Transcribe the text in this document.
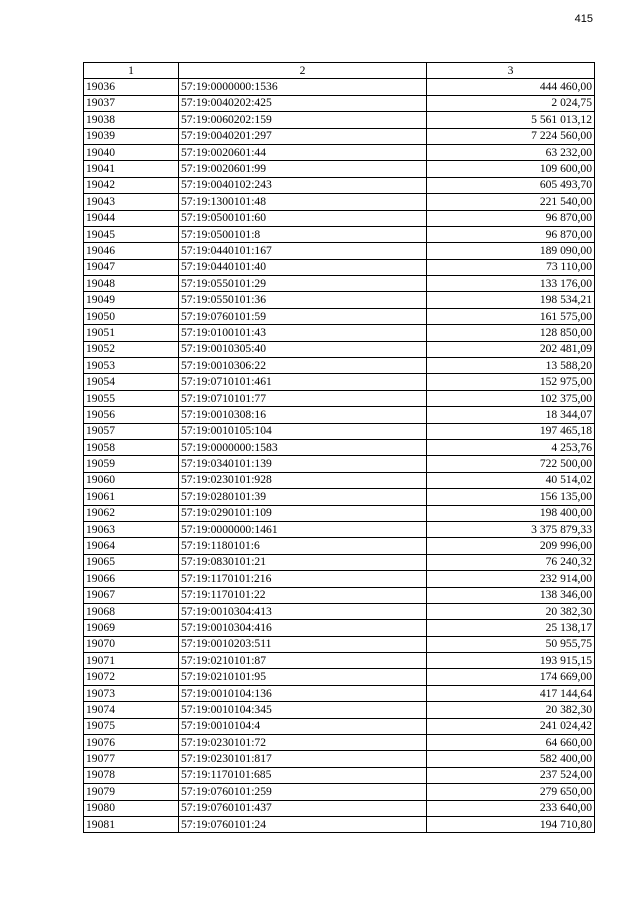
415
1	2	3
19036	57:19:0000000:1536	444 460,00
19037	57:19:0040202:425	2 024,75
19038	57:19:0060202:159	5 561 013,12
19039	57:19:0040201:297	7 224 560,00
19040	57:19:0020601:44	63 232,00
19041	57:19:0020601:99	109 600,00
19042	57:19:0040102:243	605 493,70
19043	57:19:1300101:48	221 540,00
19044	57:19:0500101:60	96 870,00
19045	57:19:0500101:8	96 870,00
19046	57:19:0440101:167	189 090,00
19047	57:19:0440101:40	73 110,00
19048	57:19:0550101:29	133 176,00
19049	57:19:0550101:36	198 534,21
19050	57:19:0760101:59	161 575,00
19051	57:19:0100101:43	128 850,00
19052	57:19:0010305:40	202 481,09
19053	57:19:0010306:22	13 588,20
19054	57:19:0710101:461	152 975,00
19055	57:19:0710101:77	102 375,00
19056	57:19:0010308:16	18 344,07
19057	57:19:0010105:104	197 465,18
19058	57:19:0000000:1583	4 253,76
19059	57:19:0340101:139	722 500,00
19060	57:19:0230101:928	40 514,02
19061	57:19:0280101:39	156 135,00
19062	57:19:0290101:109	198 400,00
19063	57:19:0000000:1461	3 375 879,33
19064	57:19:1180101:6	209 996,00
19065	57:19:0830101:21	76 240,32
19066	57:19:1170101:216	232 914,00
19067	57:19:1170101:22	138 346,00
19068	57:19:0010304:413	20 382,30
19069	57:19:0010304:416	25 138,17
19070	57:19:0010203:511	50 955,75
19071	57:19:0210101:87	193 915,15
19072	57:19:0210101:95	174 669,00
19073	57:19:0010104:136	417 144,64
19074	57:19:0010104:345	20 382,30
19075	57:19:0010104:4	241 024,42
19076	57:19:0230101:72	64 660,00
19077	57:19:0230101:817	582 400,00
19078	57:19:1170101:685	237 524,00
19079	57:19:0760101:259	279 650,00
19080	57:19:0760101:437	233 640,00
19081	57:19:0760101:24	194 710,80
